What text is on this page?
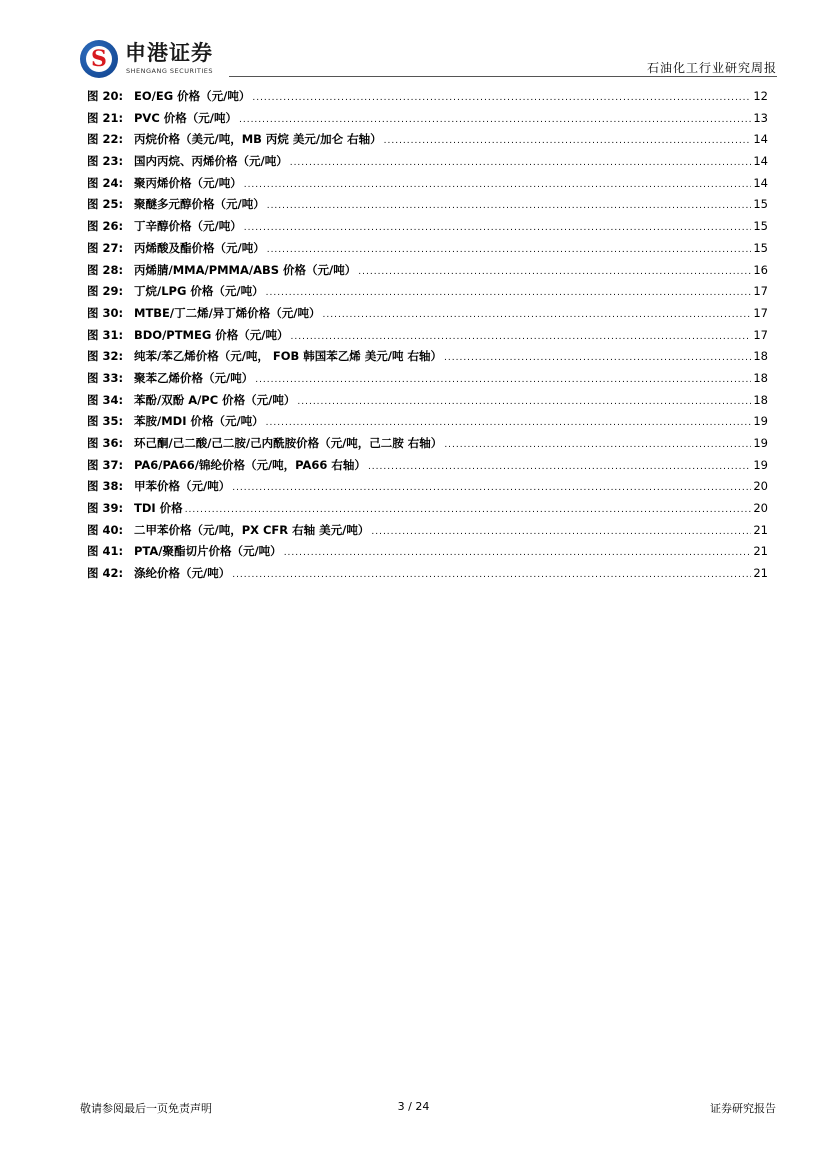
S 申港证券
SHENGANG SECURITIES	石油化工行业研究周报
图 20: EO/EG 价格（元/吨） .....	12
图 21: PVC 价格（元/吨） .....	13
图 22: 丙烷价格（美元/吨，MB 丙烷 美元/加仑 右轴） .....	14
图 23: 国内丙烷、丙烯价格（元/吨） .....	14
图 24: 聚丙烯价格（元/吨） .....	14
图 25: 聚醚多元醇价格（元/吨） .....	15
图 26: 丁辛醇价格（元/吨） .....	15
图 27: 丙烯酸及酯价格（元/吨） .....	15
图 28: 丙烯腈/MMA/PMMA/ABS 价格（元/吨） .....	16
图 29: 丁烷/LPG 价格（元/吨） .....	17
图 30: MTBE/丁二烯/异丁烯价格（元/吨） .....	17
图 31: BDO/PTMEG 价格（元/吨） .....	17
图 32: 纯苯/苯乙烯价格（元/吨， FOB 韩国苯乙烯 美元/吨 右轴） .....	18
图 33: 聚苯乙烯价格（元/吨） .....	18
图 34: 苯酚/双酚 A/PC 价格（元/吨） .....	18
图 35: 苯胺/MDI 价格（元/吨） .....	19
图 36: 环己酮/己二酸/己二胺/己内酰胺价格（元/吨，己二胺 右轴） .....	19
图 37: PA6/PA66/锦纶价格（元/吨，PA66 右轴） .....	19
图 38: 甲苯价格（元/吨） .....	20
图 39: TDI 价格 .....	20
图 40: 二甲苯价格（元/吨，PX CFR 右轴 美元/吨） .....	21
图 41: PTA/聚酯切片价格（元/吨） .....	21
图 42: 涤纶价格（元/吨） .....	21
敬请参阅最后一页免责声明	3 / 24	证券研究报告
